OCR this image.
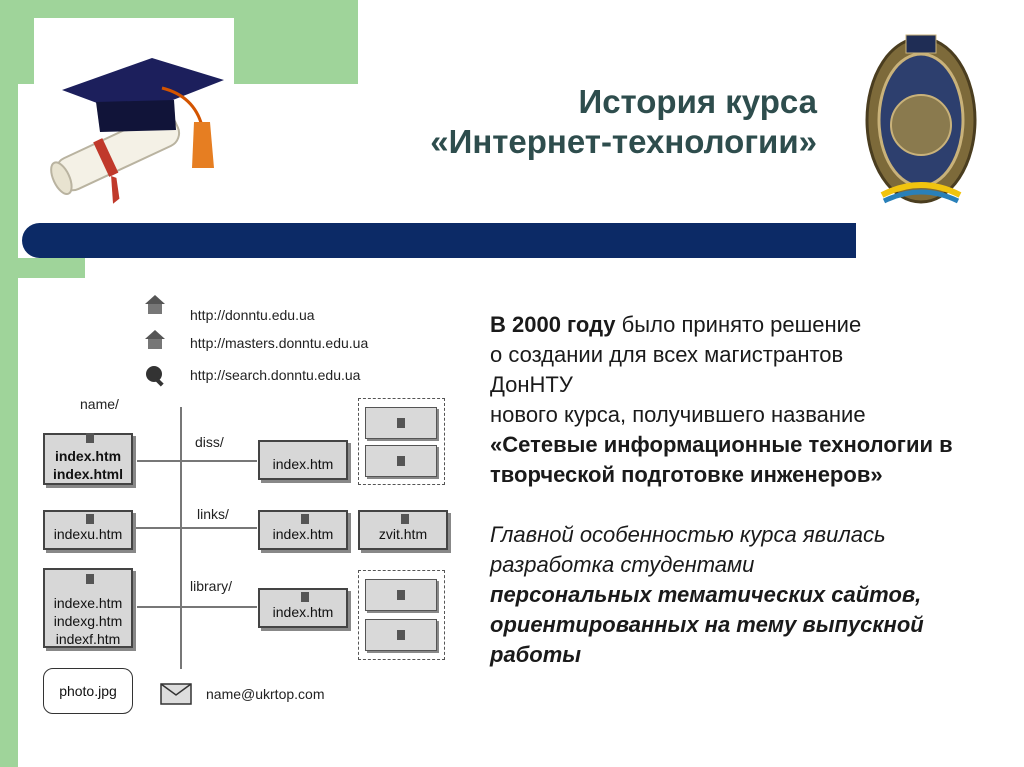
История курса
«Интернет-технологии»
http://donntu.edu.ua
http://masters.donntu.edu.ua
http://search.donntu.edu.ua
name/
index.htm
index.html
indexu.htm
indexe.htm
indexg.htm
indexf.htm
diss/
links/
library/
index.htm
index.htm
index.htm
zvit.htm
photo.jpg	name@ukrtop.com

В 2000 году было принято решение

о создании для всех магистрантов

ДонНТУ

нового курса, получившего название

«Сетевые информационные технологии в творческой подготовке инженеров»

Главной особенностью курса явилась разработка студентами

персональных тематических сайтов, ориентированных на тему выпускной работы
